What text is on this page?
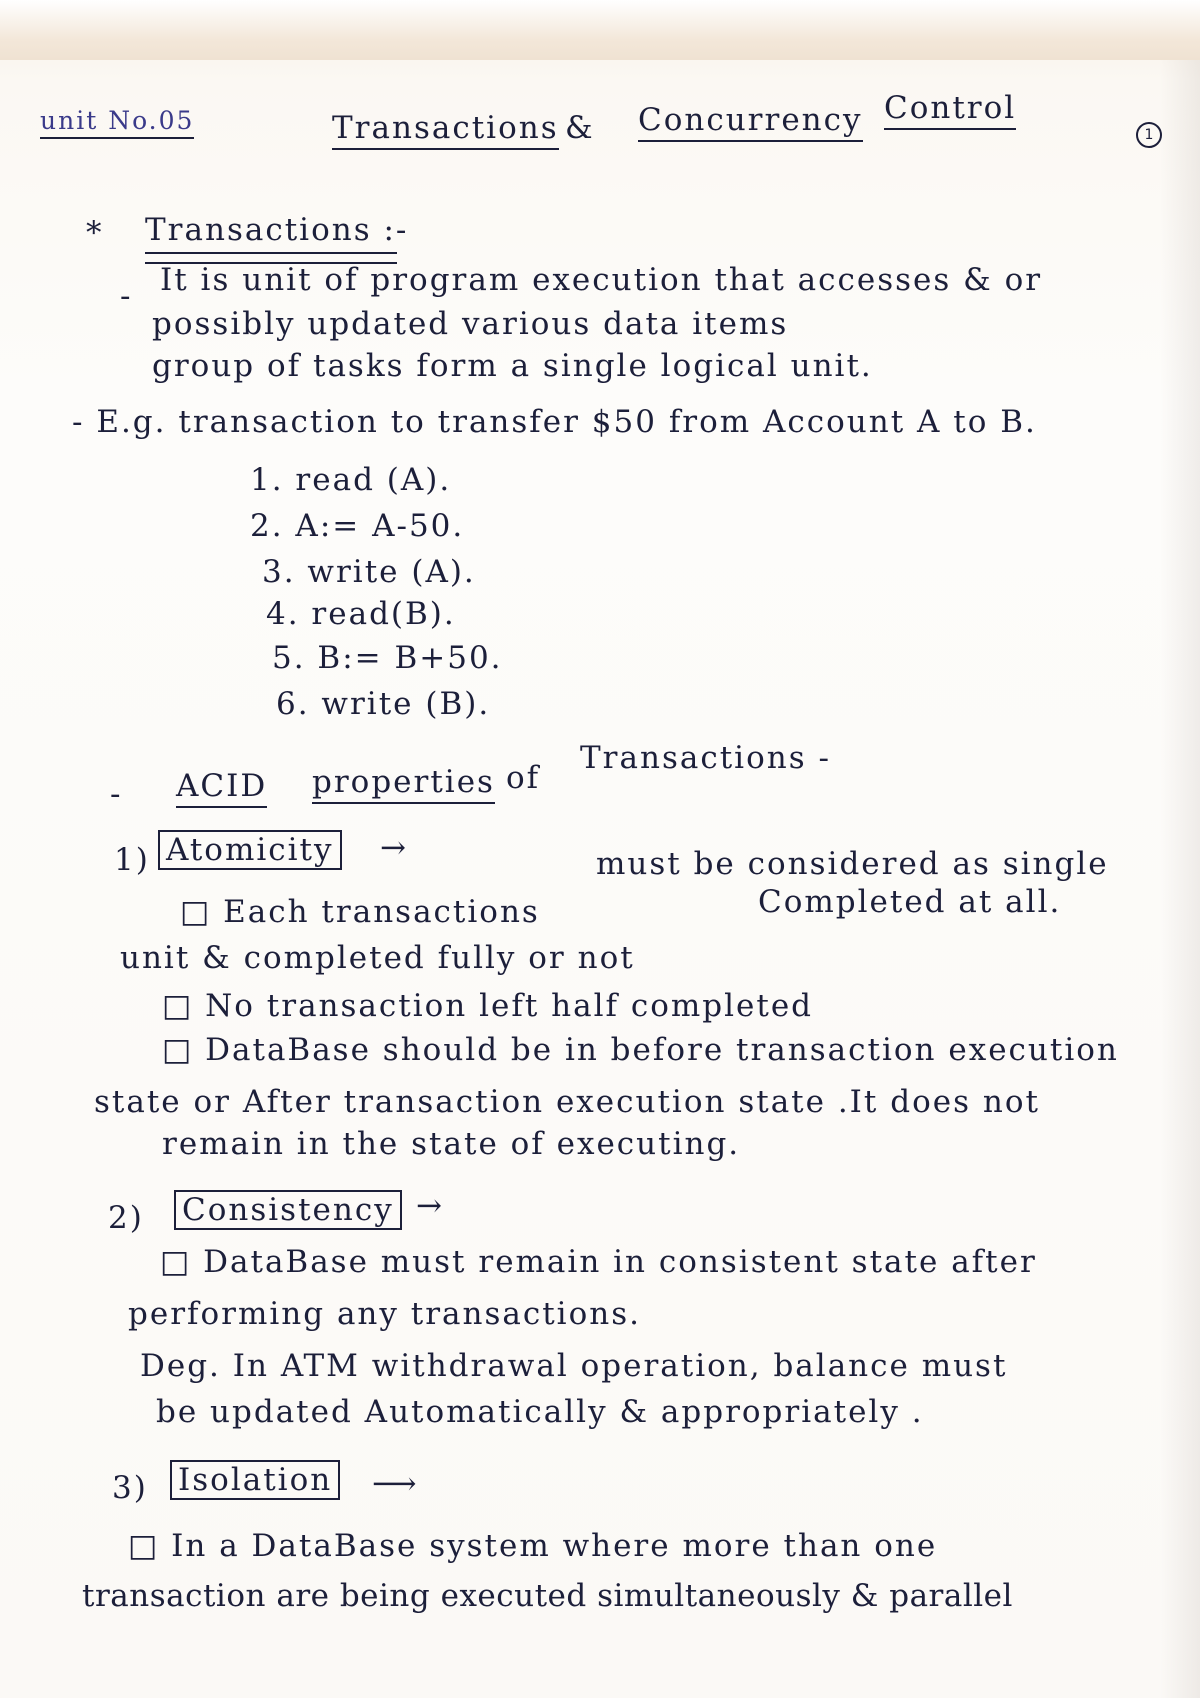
unit No.05	Transactions & Concurrency Control
1
* Transactions :-
- It is unit of program execution that accesses & or
possibly updated various data items
group of tasks form a single logical unit.
- E.g. transaction to transfer $50 from Account A to B.
1. read (A).
2. A:= A-50.
3. write (A).
4. read(B).
5. B:= B+50.
6. write (B).
- ACID properties of
Transactions -
1) Atomicity →	must be considered as single
□ Each transactions	Completed at all.
unit & completed fully or not
□ No transaction left half completed
□ DataBase should be in before transaction execution
state or After transaction execution state .It does not
remain in the state of executing.
2) Consistency →
□ DataBase must remain in consistent state after
performing any transactions.
Deg. In ATM withdrawal operation, balance must
be updated Automatically & appropriately .
3) Isolation ⟶
□ In a DataBase system where more than one
transaction are being executed simultaneously & parallel
